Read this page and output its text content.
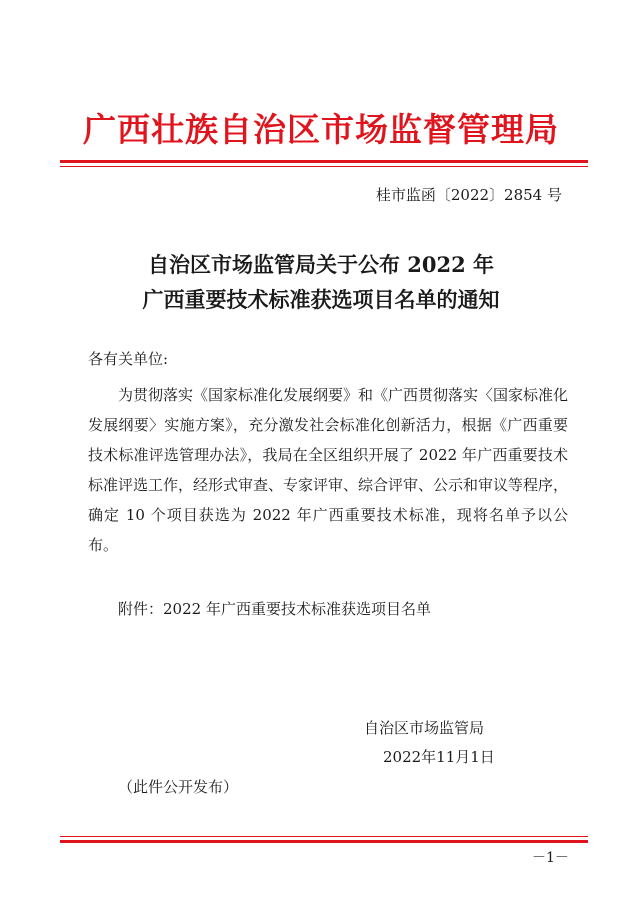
广西壮族自治区市场监督管理局
桂市监函〔2022〕2854 号
自治区市场监管局关于公布 2022 年
广西重要技术标准获选项目名单的通知
各有关单位:

为贯彻落实《国家标准化发展纲要》和《广西贯彻落实〈国家标准化发展纲要〉实施方案》，充分激发社会标准化创新活力，根据《广西重要技术标准评选管理办法》，我局在全区组织开展了 2022 年广西重要技术标准评选工作，经形式审查、专家评审、综合评审、公示和审议等程序，确定 10 个项目获选为 2022 年广西重要技术标准，现将名单予以公布。

附件：2022 年广西重要技术标准获选项目名单
自治区市场监管局
2022年11月1日
（此件公开发布）
－1－
